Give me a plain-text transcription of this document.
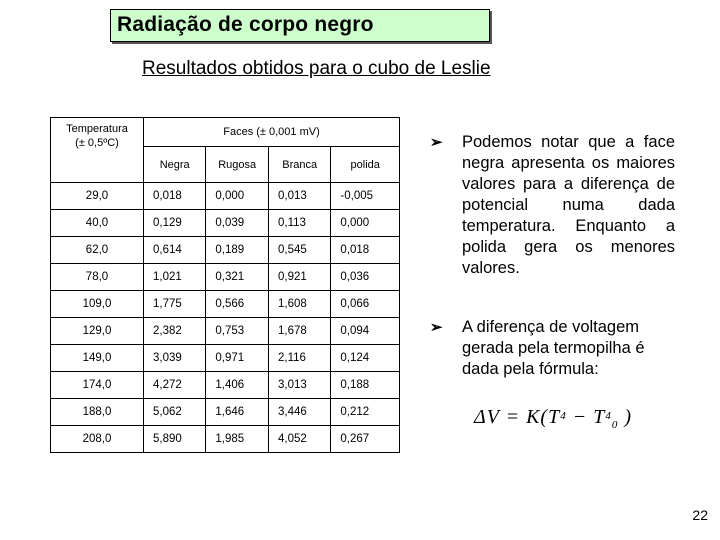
Radiação de corpo negro
Resultados obtidos para o cubo de Leslie
Temperatura
(± 0,5ºC)	Faces (± 0,001 mV)			
	Negra	Rugosa	Branca	polida
29,0	0,018	0,000	0,013	-0,005
40,0	0,129	0,039	0,113	0,000
62,0	0,614	0,189	0,545	0,018
78,0	1,021	0,321	0,921	0,036
109,0	1,775	0,566	1,608	0,066
129,0	2,382	0,753	1,678	0,094
149,0	3,039	0,971	2,116	0,124
174,0	4,272	1,406	3,013	0,188
188,0	5,062	1,646	3,446	0,212
208,0	5,890	1,985	4,052	0,267
➢ Podemos notar que a face negra apresenta os maiores valores para a diferença de potencial numa dada temperatura. Enquanto a polida gera os menores valores.
➢ A diferença de voltagem gerada pela termopilha é dada pela fórmula:
$\Delta V = K(T^4 - T^4_0$ )
22
